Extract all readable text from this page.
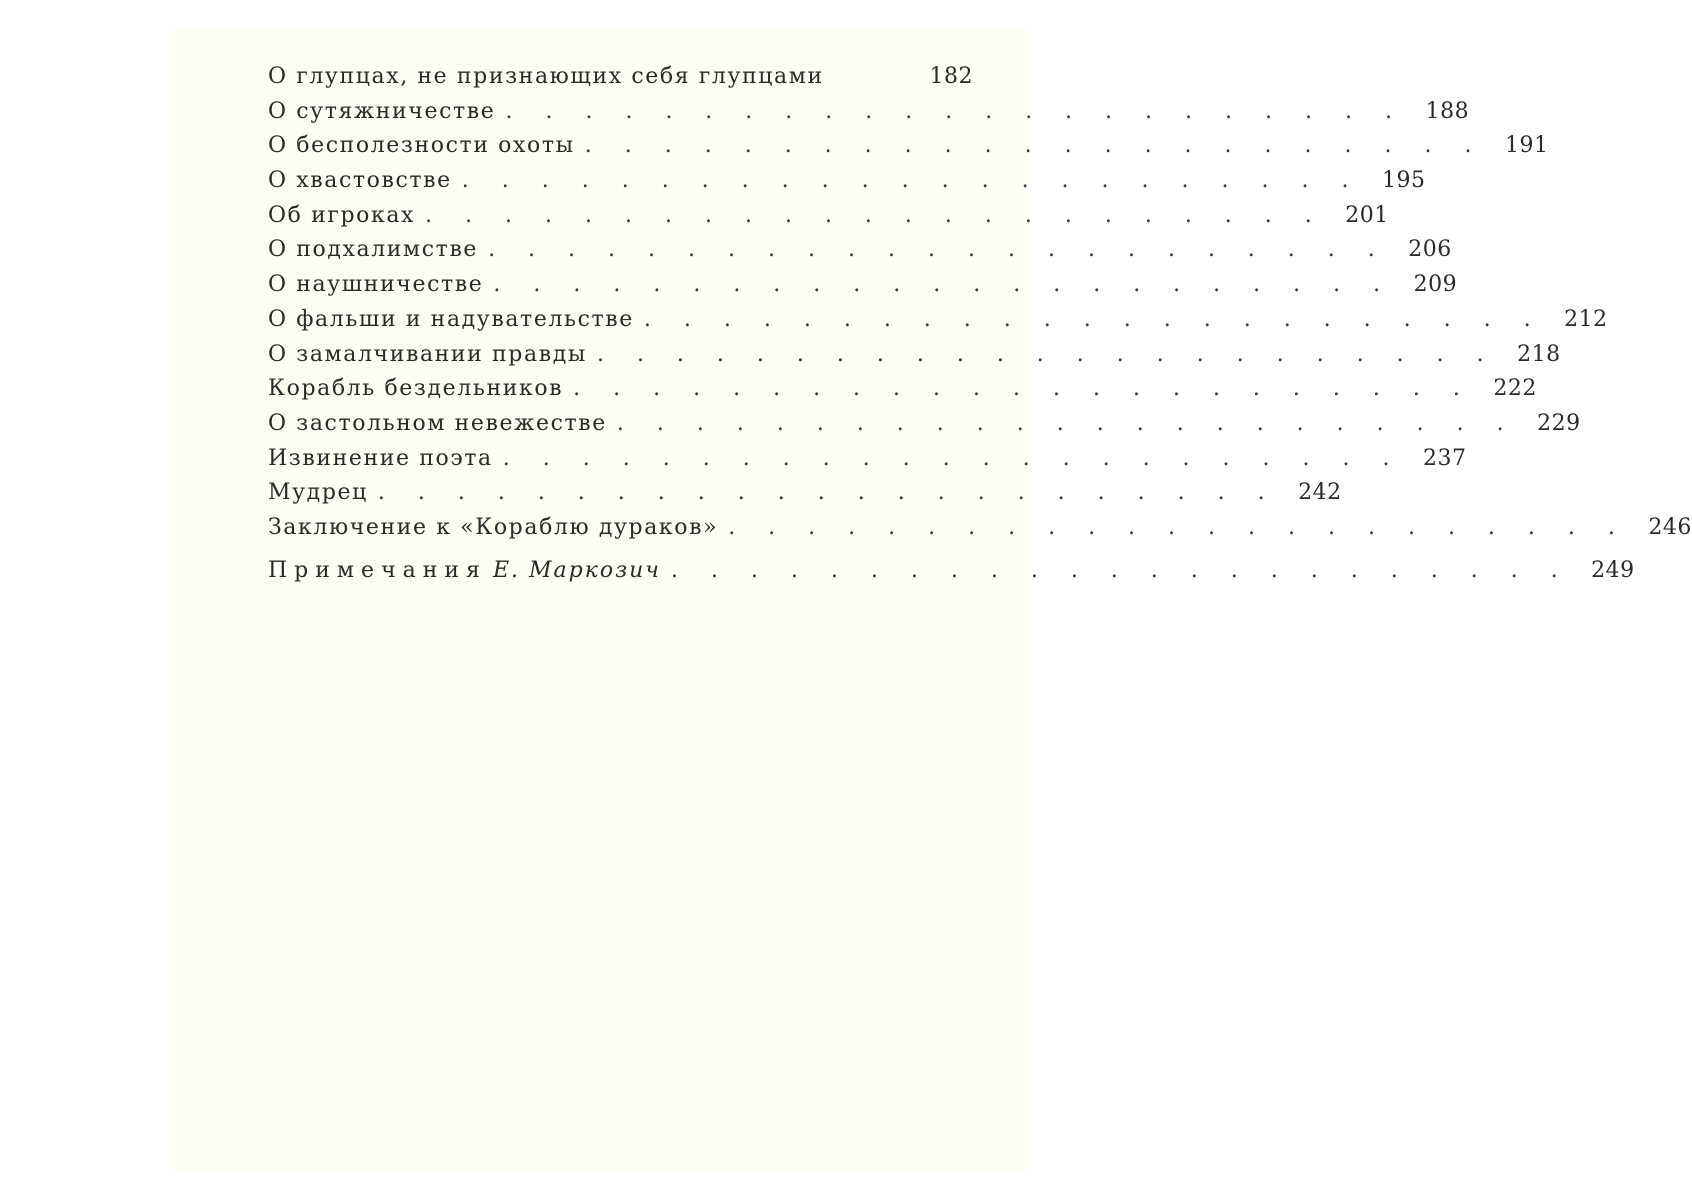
О глупцах, не признающих себя глупцами	182
О сутяжничестве . . . . . . . . . . . . . . . . . . . . . . . 188
О бесполезности охоты . . . . . . . . . . . . . . . . . . . . . . . 191
О хвастовстве . . . . . . . . . . . . . . . . . . . . . . . 195
Об игроках . . . . . . . . . . . . . . . . . . . . . . . 201
О подхалимстве . . . . . . . . . . . . . . . . . . . . . . . 206
О наушничестве . . . . . . . . . . . . . . . . . . . . . . . 209
О фальши и надувательстве . . . . . . . . . . . . . . . . . . . . . . . 212
О замалчивании правды . . . . . . . . . . . . . . . . . . . . . . . 218
Корабль бездельников . . . . . . . . . . . . . . . . . . . . . . . 222
О застольном невежестве . . . . . . . . . . . . . . . . . . . . . . . 229
Извинение поэта . . . . . . . . . . . . . . . . . . . . . . . 237
Мудрец . . . . . . . . . . . . . . . . . . . . . . . 242
Заключение к «Кораблю дураков» . . . . . . . . . . . . . . . . . . . . . . . 246
Примечания Е. Маркозич . . . . . . . . . . . . . . . . . . . . . . . 249
